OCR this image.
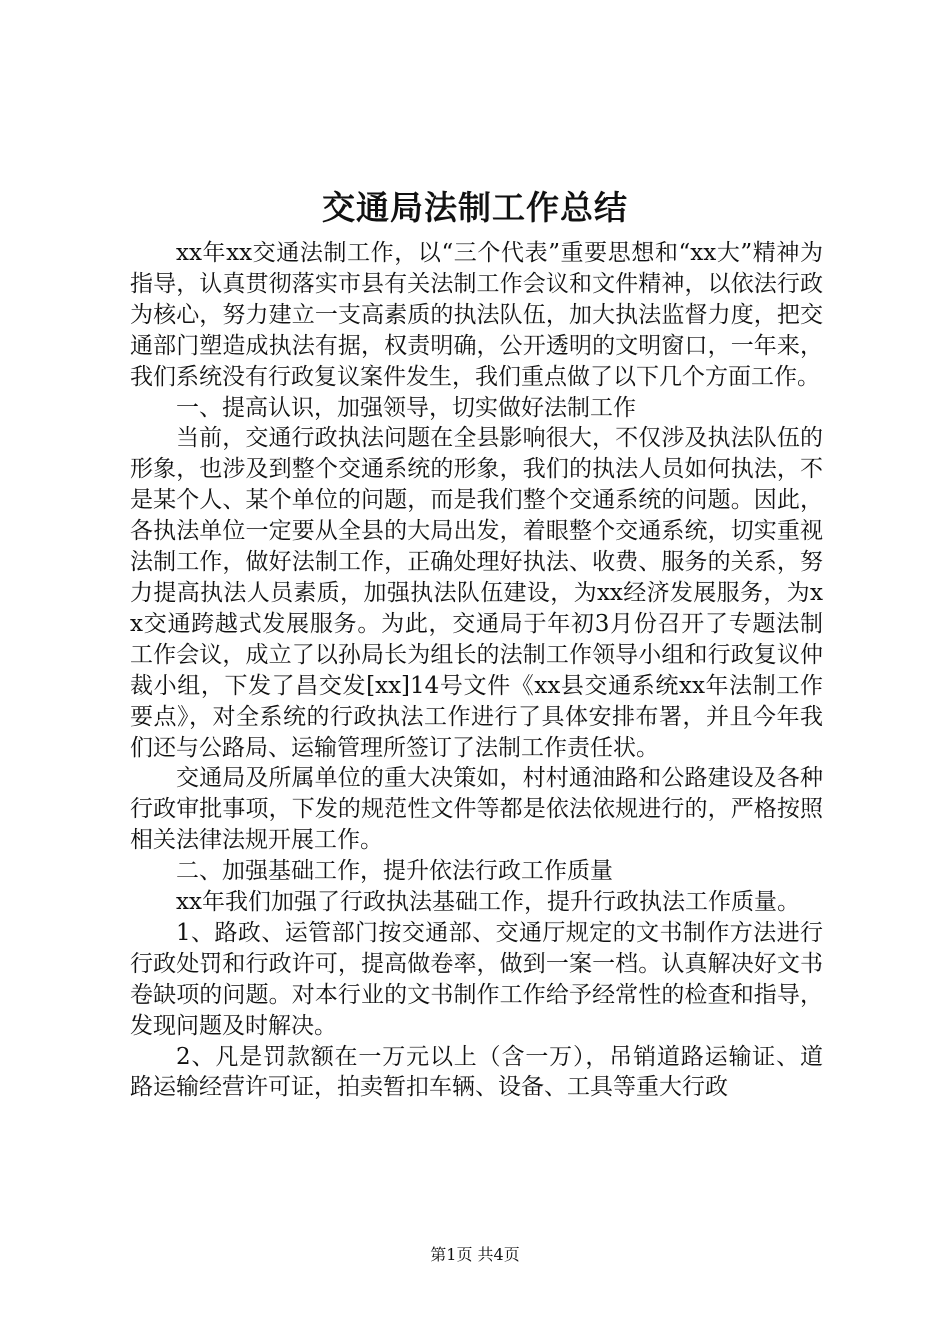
交通局法制工作总结

xx年xx交通法制工作，以“三个代表”重要思想和“xx大”精神为指导，认真贯彻落实市县有关法制工作会议和文件精神，以依法行政为核心，努力建立一支高素质的执法队伍，加大执法监督力度，把交通部门塑造成执法有据，权责明确，公开透明的文明窗口，一年来，我们系统没有行政复议案件发生，我们重点做了以下几个方面工作。

一、提高认识，加强领导，切实做好法制工作

当前，交通行政执法问题在全县影响很大，不仅涉及执法队伍的形象，也涉及到整个交通系统的形象，我们的执法人员如何执法，不是某个人、某个单位的问题，而是我们整个交通系统的问题。因此，各执法单位一定要从全县的大局出发，着眼整个交通系统，切实重视法制工作，做好法制工作，正确处理好执法、收费、服务的关系，努力提高执法人员素质，加强执法队伍建设，为xx经济发展服务，为xx交通跨越式发展服务。为此，交通局于年初3月份召开了专题法制工作会议，成立了以孙局长为组长的法制工作领导小组和行政复议仲裁小组，下发了昌交发[xx]14号文件《xx县交通系统xx年法制工作要点》，对全系统的行政执法工作进行了具体安排布署，并且今年我们还与公路局、运输管理所签订了法制工作责任状。

交通局及所属单位的重大决策如，村村通油路和公路建设及各种行政审批事项，下发的规范性文件等都是依法依规进行的，严格按照相关法律法规开展工作。

二、加强基础工作，提升依法行政工作质量

xx年我们加强了行政执法基础工作，提升行政执法工作质量。

1、路政、运管部门按交通部、交通厅规定的文书制作方法进行行政处罚和行政许可，提高做卷率，做到一案一档。认真解决好文书卷缺项的问题。对本行业的文书制作工作给予经常性的检查和指导，发现问题及时解决。

2、凡是罚款额在一万元以上（含一万），吊销道路运输证、道路运输经营许可证，拍卖暂扣车辆、设备、工具等重大行政

第1页 共4页
